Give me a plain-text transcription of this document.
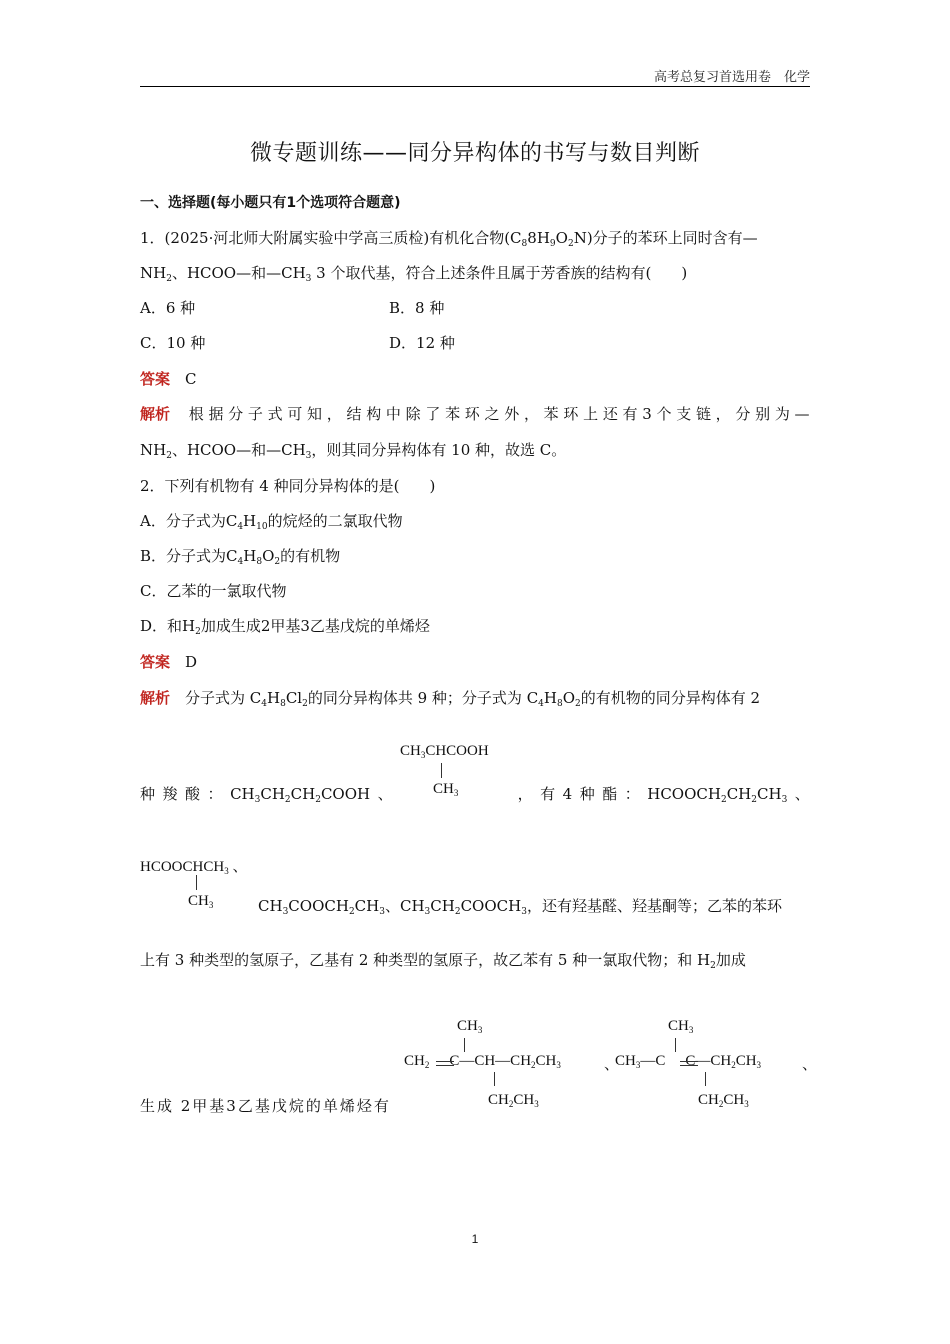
高考总复习首选用卷　化学
微专题训练——同分异构体的书写与数目判断
一、选择题(每小题只有1个选项符合题意)
1．(2025·河北师大附属实验中学高三质检)有机化合物$(C_88H_9O_2N)$分子的苯环上同时含有—
$NH_2$、HCOO—和$—CH_3$ 3 个取代基，符合上述条件且属于芳香族的结构有(　　)
A．6 种	B．8 种
C．10 种	D．12 种
答案　 C
解析 根 据 分 子 式 可 知 ， 结 构 中 除 了 苯 环 之 外 ， 苯 环 上 还 有 3 个 支 链 ， 分 别 为 —
$NH_2$、HCOO—和$—CH_3$，则其同分异构体有 10 种，故选 C。
2．下列有机物有 4 种同分异构体的是(　　)
A．分子式为$C_4H_{10}$的烷烃的二氯取代物
B．分子式为$C_4H_8O_2$的有机物
C．乙苯的一氯取代物
D．和$H_2$加成生成2甲基3乙基戊烷的单烯烃
答案　 D
解析　分子式为 $C_4H_8Cl_2$的同分异构体共 9 种；分子式为 $C_4H_8O_2$的有机物的同分异构体有 2
种 羧 酸 ： $CH_3CH_2CH_2COOH$ 、	， 有 4 种 酯 ： $HCOOCH_2CH_2CH_3$ 、
$CH_3CHCOOH$
$CH_3$
$HCOOCHCH_3$ 、
$CH_3$	$CH_3COOCH_2CH_3$、$CH_3CH_2COOCH_3$，还有羟基醛、羟基酮等；乙苯的苯环
上有 3 种类型的氢原子，乙基有 2 种类型的氢原子，故乙苯有 5 种一氯取代物；和 $H_2$加成
$CH_3$
$CH_2$ $C—CH—CH_2CH_3$
$CH_2CH_3$
、
$CH_3$
$CH_3—C$ $C—CH_2CH_3$
$CH_2CH_3$
、
生成 2甲基3乙基戊烷的单烯烃有
1
